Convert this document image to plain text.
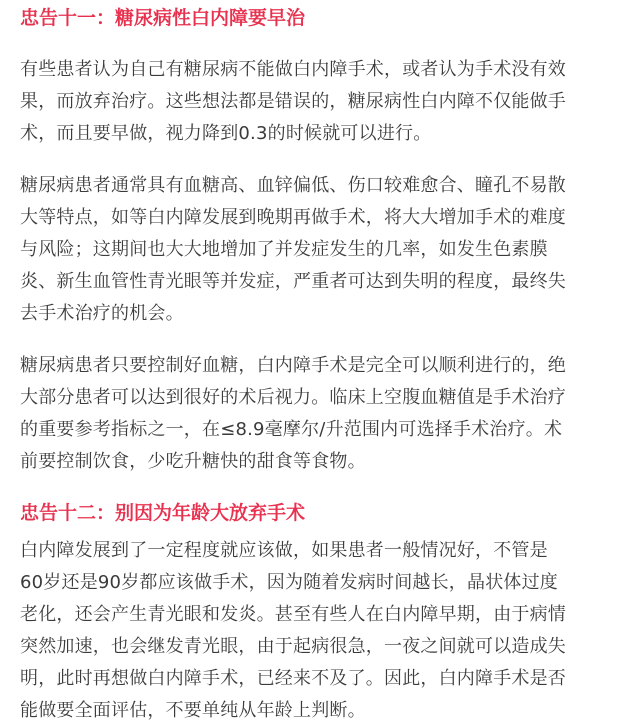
忠告十一：糖尿病性白内障要早治
有些患者认为自己有糖尿病不能做白内障手术，或者认为手术没有效
果，而放弃治疗。这些想法都是错误的，糖尿病性白内障不仅能做手
术，而且要早做，视力降到0.3的时候就可以进行。
糖尿病患者通常具有血糖高、血锌偏低、伤口较难愈合、瞳孔不易散
大等特点，如等白内障发展到晚期再做手术，将大大增加手术的难度
与风险；这期间也大大地增加了并发症发生的几率，如发生色素膜
炎、新生血管性青光眼等并发症，严重者可达到失明的程度，最终失
去手术治疗的机会。
糖尿病患者只要控制好血糖，白内障手术是完全可以顺利进行的，绝
大部分患者可以达到很好的术后视力。临床上空腹血糖值是手术治疗
的重要参考指标之一，在≤8.9毫摩尔/升范围内可选择手术治疗。术
前要控制饮食，少吃升糖快的甜食等食物。
忠告十二：别因为年龄大放弃手术
白内障发展到了一定程度就应该做，如果患者一般情况好，不管是
60岁还是90岁都应该做手术，因为随着发病时间越长，晶状体过度
老化，还会产生青光眼和发炎。甚至有些人在白内障早期，由于病情
突然加速，也会继发青光眼，由于起病很急，一夜之间就可以造成失
明，此时再想做白内障手术，已经来不及了。因此，白内障手术是否
能做要全面评估，不要单纯从年龄上判断。
